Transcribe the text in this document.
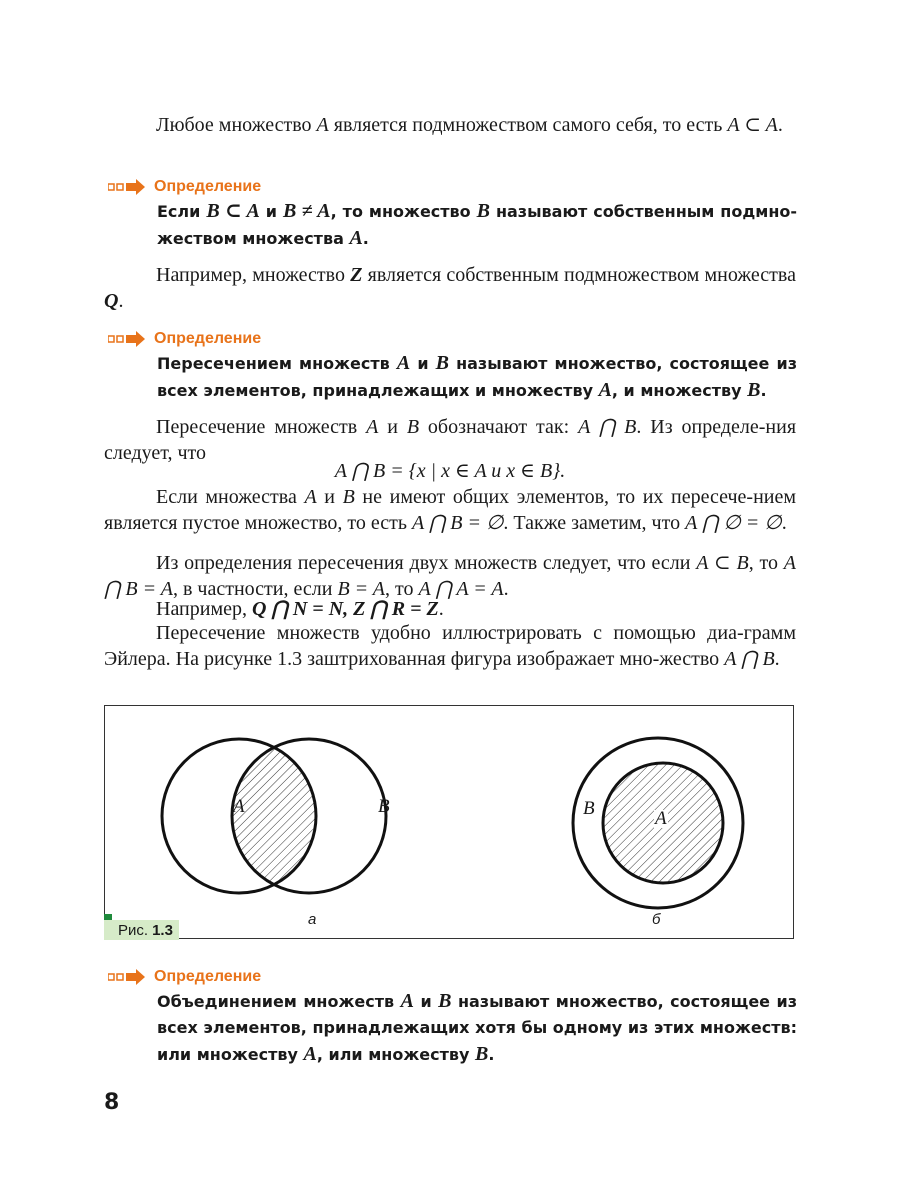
Любое множество A является подмножеством самого себя, то есть A ⊂ A.

Определение

Если B ⊂ A и B ≠ A, то множество B называют собственным подмно-жеством множества A.

Например, множество Z является собственным подмножеством множества Q.

Определение

Пересечением множеств A и B называют множество, состоящее из всех элементов, принадлежащих и множеству A, и множеству B.

Пересечение множеств A и B обозначают так: A ⋂ B. Из определе-ния следует, что

A ⋂ B = {x | x ∈ A и x ∈ B}.

Если множества A и B не имеют общих элементов, то их пересече-нием является пустое множество, то есть A ⋂ B = ∅. Также заметим, что A ⋂ ∅ = ∅.

Из определения пересечения двух множеств следует, что если A ⊂ B, то A ⋂ B = A, в частности, если B = A, то A ⋂ A = A.

Например, Q ⋂ N = N, Z ⋂ R = Z.

Пересечение множеств удобно иллюстрировать с помощью диа-грамм Эйлера. На рисунке 1.3 заштрихованная фигура изображает мно-жество A ⋂ B.

A	B	B	A
а	б
Рис. 1.3
Определение

Объединением множеств A и B называют множество, состоящее из всех элементов, принадлежащих хотя бы одному из этих множеств: или множеству A, или множеству B.

8
